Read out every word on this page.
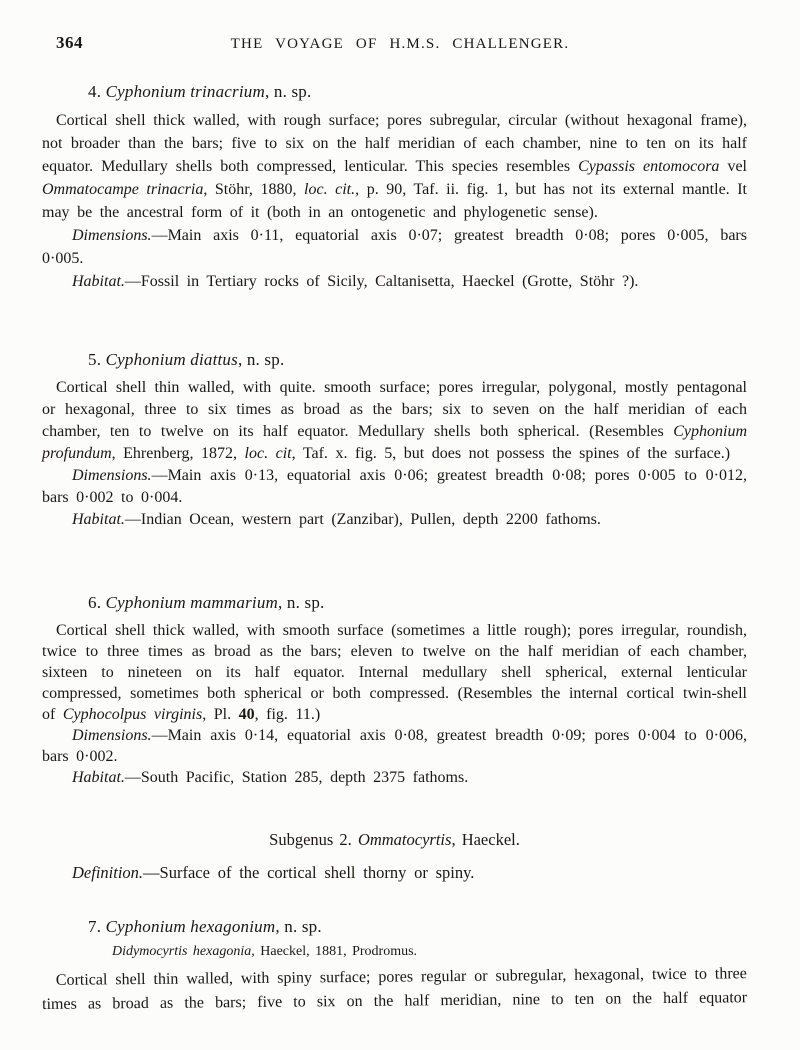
364	THE VOYAGE OF H.M.S. CHALLENGER.
4. Cyphonium trinacrium, n. sp.

Cortical shell thick walled, with rough surface; pores subregular, circular (without hexagonal frame), not broader than the bars; five to six on the half meridian of each chamber, nine to ten on its half equator. Medullary shells both compressed, lenticular. This species resembles Cypassis entomocora vel Ommatocampe trinacria, Stöhr, 1880, loc. cit., p. 90, Taf. ii. fig. 1, but has not its external mantle. It may be the ancestral form of it (both in an ontogenetic and phylogenetic sense).

Dimensions.—Main axis 0·11, equatorial axis 0·07; greatest breadth 0·08; pores 0·005, bars 0·005.

Habitat.—Fossil in Tertiary rocks of Sicily, Caltanisetta, Haeckel (Grotte, Stöhr ?).

5. Cyphonium diattus, n. sp.

Cortical shell thin walled, with quite. smooth surface; pores irregular, polygonal, mostly pentagonal or hexagonal, three to six times as broad as the bars; six to seven on the half meridian of each chamber, ten to twelve on its half equator. Medullary shells both spherical. (Resembles Cyphonium profundum, Ehrenberg, 1872, loc. cit, Taf. x. fig. 5, but does not possess the spines of the surface.)

Dimensions.—Main axis 0·13, equatorial axis 0·06; greatest breadth 0·08; pores 0·005 to 0·012, bars 0·002 to 0·004.

Habitat.—Indian Ocean, western part (Zanzibar), Pullen, depth 2200 fathoms.

6. Cyphonium mammarium, n. sp.

Cortical shell thick walled, with smooth surface (sometimes a little rough); pores irregular, roundish, twice to three times as broad as the bars; eleven to twelve on the half meridian of each chamber, sixteen to nineteen on its half equator. Internal medullary shell spherical, external lenticular compressed, sometimes both spherical or both compressed. (Resembles the internal cortical twin-shell of Cyphocolpus virginis, Pl. 40, fig. 11.)

Dimensions.—Main axis 0·14, equatorial axis 0·08, greatest breadth 0·09; pores 0·004 to 0·006, bars 0·002.

Habitat.—South Pacific, Station 285, depth 2375 fathoms.

Subgenus 2. Ommatocyrtis, Haeckel.

Definition.—Surface of the cortical shell thorny or spiny.

7. Cyphonium hexagonium, n. sp.

Didymocyrtis hexagonia, Haeckel, 1881, Prodromus.

Cortical shell thin walled, with spiny surface; pores regular or subregular, hexagonal, twice to three times as broad as the bars; five to six on the half meridian, nine to ten on the half equator
